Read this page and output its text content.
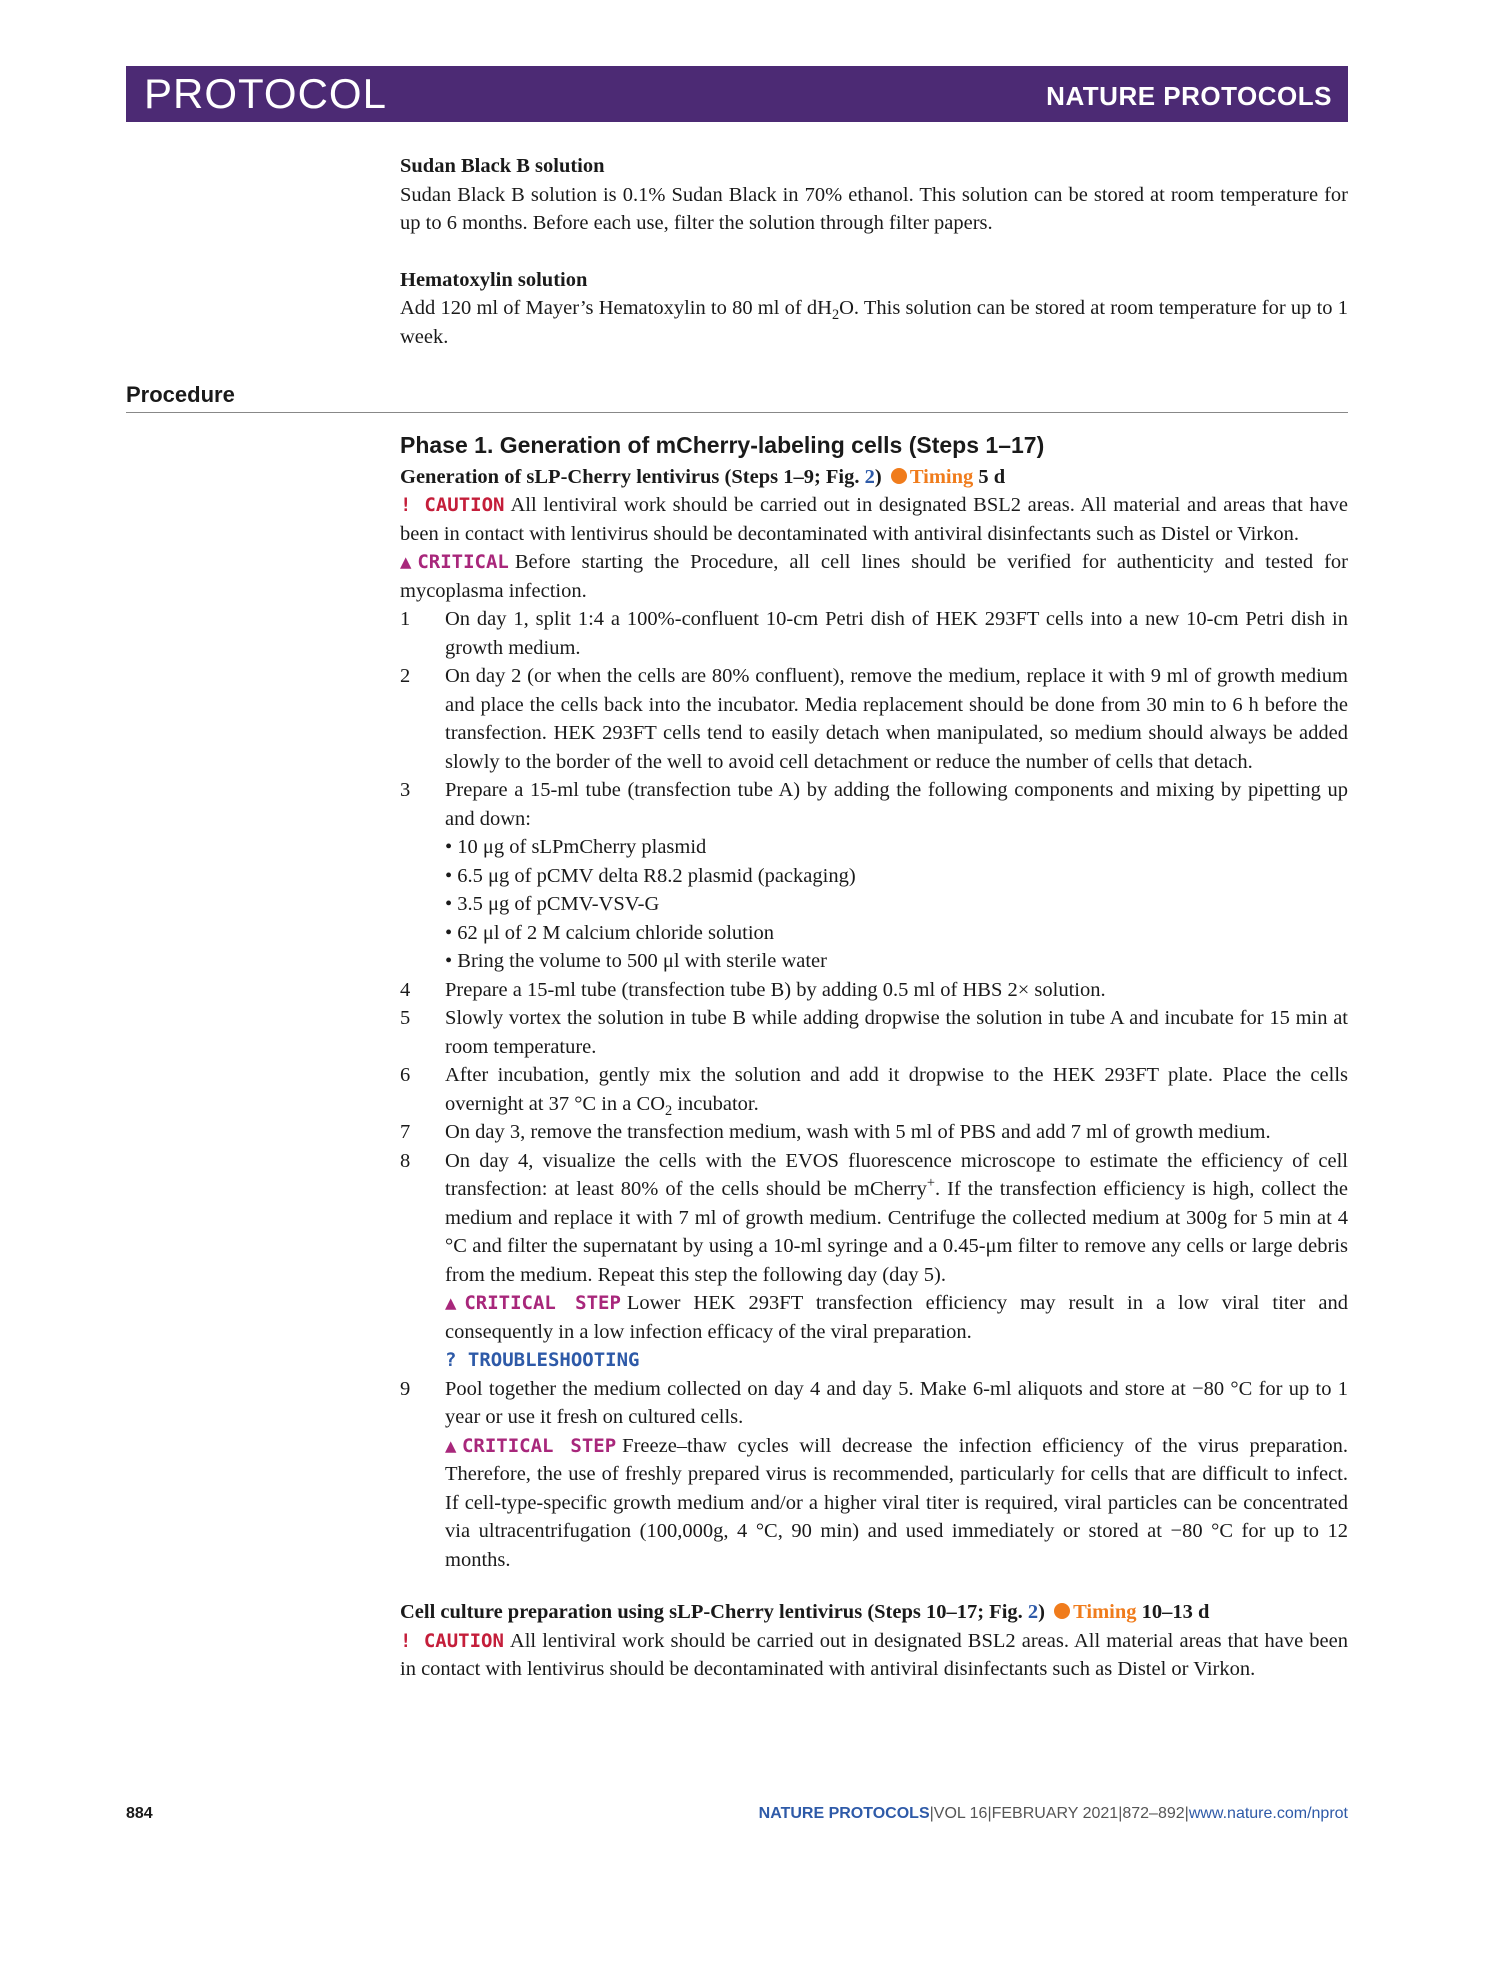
PROTOCOL	NATURE PROTOCOLS
Sudan Black B solution
Sudan Black B solution is 0.1% Sudan Black in 70% ethanol. This solution can be stored at room temperature for up to 6 months. Before each use, filter the solution through filter papers.
Hematoxylin solution
Add 120 ml of Mayer’s Hematoxylin to 80 ml of $dH_2O$. This solution can be stored at room temperature for up to 1 week.
Procedure
Phase 1. Generation of mCherry-labeling cells (Steps 1–17)
Generation of sLP-Cherry lentivirus (Steps 1–9; Fig. 2) Timing 5 d
! CAUTION All lentiviral work should be carried out in designated BSL2 areas. All material and areas that have been in contact with lentivirus should be decontaminated with antiviral disinfectants such as Distel or Virkon.
▲CRITICAL Before starting the Procedure, all cell lines should be verified for authenticity and tested for mycoplasma infection.
1 On day 1, split 1:4 a 100%-confluent 10-cm Petri dish of HEK 293FT cells into a new 10-cm Petri dish in growth medium.
2 On day 2 (or when the cells are 80% confluent), remove the medium, replace it with 9 ml of growth medium and place the cells back into the incubator. Media replacement should be done from 30 min to 6 h before the transfection. HEK 293FT cells tend to easily detach when manipulated, so medium should always be added slowly to the border of the well to avoid cell detachment or reduce the number of cells that detach.
3 Prepare a 15-ml tube (transfection tube A) by adding the following components and mixing by pipetting up and down:
• 10 μg of sLPmCherry plasmid
• 6.5 μg of pCMV delta R8.2 plasmid (packaging)
• 3.5 μg of pCMV-VSV-G
• 62 μl of 2 M calcium chloride solution
• Bring the volume to 500 μl with sterile water
4 Prepare a 15-ml tube (transfection tube B) by adding 0.5 ml of HBS 2× solution.
5 Slowly vortex the solution in tube B while adding dropwise the solution in tube A and incubate for 15 min at room temperature.
6 After incubation, gently mix the solution and add it dropwise to the HEK 293FT plate. Place the cells overnight at 37 °C in a $CO_2$ incubator.
7 On day 3, remove the transfection medium, wash with 5 ml of PBS and add 7 ml of growth medium.
8 On day 4, visualize the cells with the EVOS fluorescence microscope to estimate the efficiency of cell transfection: at least 80% of the cells should be mCherry+. If the transfection efficiency is high, collect the medium and replace it with 7 ml of growth medium. Centrifuge the collected medium at 300g for 5 min at 4 °C and filter the supernatant by using a 10-ml syringe and a 0.45-μm filter to remove any cells or large debris from the medium. Repeat this step the following day (day 5).
▲CRITICAL STEP Lower HEK 293FT transfection efficiency may result in a low viral titer and consequently in a low infection efficacy of the viral preparation.
? TROUBLESHOOTING
9 Pool together the medium collected on day 4 and day 5. Make 6-ml aliquots and store at −80 °C for up to 1 year or use it fresh on cultured cells.
▲CRITICAL STEP Freeze–thaw cycles will decrease the infection efficiency of the virus preparation. Therefore, the use of freshly prepared virus is recommended, particularly for cells that are difficult to infect. If cell-type-specific growth medium and/or a higher viral titer is required, viral particles can be concentrated via ultracentrifugation (100,000g, 4 °C, 90 min) and used immediately or stored at −80 °C for up to 12 months.
Cell culture preparation using sLP-Cherry lentivirus (Steps 10–17; Fig. 2) Timing 10–13 d
! CAUTION All lentiviral work should be carried out in designated BSL2 areas. All material areas that have been in contact with lentivirus should be decontaminated with antiviral disinfectants such as Distel or Virkon.
884	NATURE PROTOCOLS|VOL 16|FEBRUARY 2021|872–892|www.nature.com/nprot
